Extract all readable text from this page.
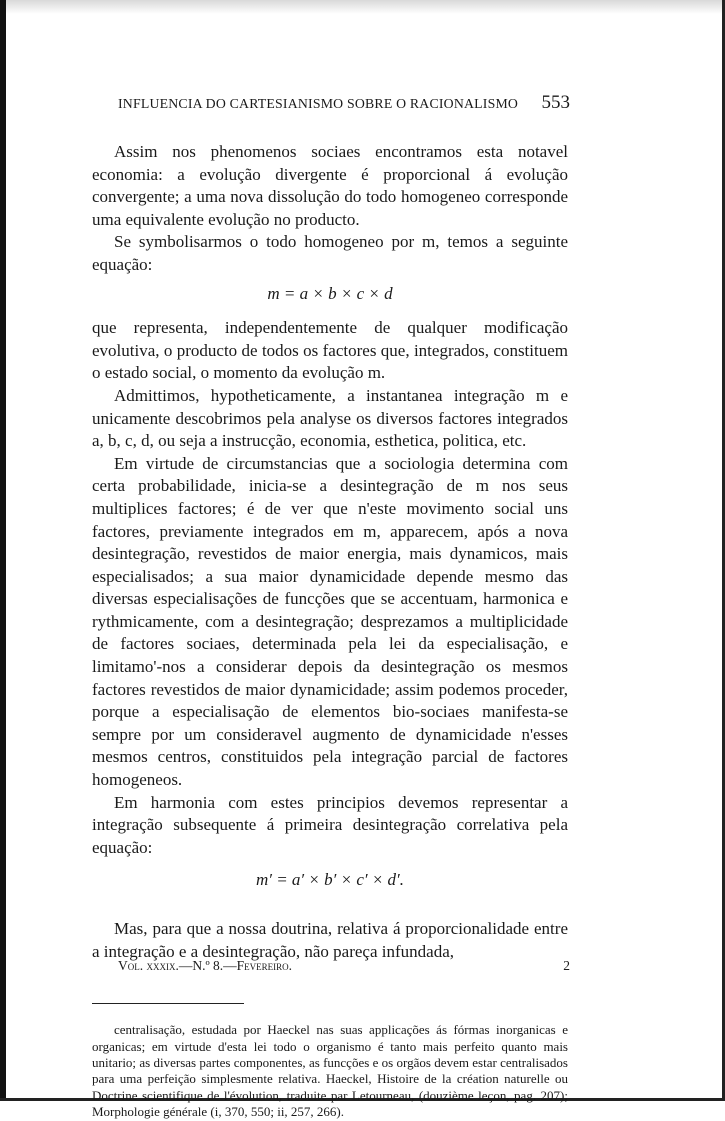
INFLUENCIA DO CARTESIANISMO SOBRE O RACIONALISMO 553

Assim nos phenomenos sociaes encontramos esta notavel economia: a evolução divergente é proporcional á evolução convergente; a uma nova dissolução do todo homogeneo corresponde uma equivalente evolução no producto.

Se symbolisarmos o todo homogeneo por m, temos a seguinte equação:

m = a × b × c × d

que representa, independentemente de qualquer modificação evolutiva, o producto de todos os factores que, integrados, constituem o estado social, o momento da evolução m.

Admittimos, hypotheticamente, a instantanea integração m e unicamente descobrimos pela analyse os diversos factores integrados a, b, c, d, ou seja a instrucção, economia, esthetica, politica, etc.

Em virtude de circumstancias que a sociologia determina com certa probabilidade, inicia-se a desintegração de m nos seus multiplices factores; é de ver que n'este movimento social uns factores, previamente integrados em m, apparecem, após a nova desintegração, revestidos de maior energia, mais dynamicos, mais especialisados; a sua maior dynamicidade depende mesmo das diversas especialisações de funcções que se accentuam, harmonica e rythmicamente, com a desintegração; desprezamos a multiplicidade de factores sociaes, determinada pela lei da especialisação, e limitamo'-nos a considerar depois da desintegração os mesmos factores revestidos de maior dynamicidade; assim podemos proceder, porque a especialisação de elementos bio-sociaes manifesta-se sempre por um consideravel augmento de dynamicidade n'esses mesmos centros, constituidos pela integração parcial de factores homogeneos.

Em harmonia com estes principios devemos representar a integração subsequente á primeira desintegração correlativa pela equação:

m′ = a′ × b′ × c′ × d′.

Mas, para que a nossa doutrina, relativa á proporcionalidade entre a integração e a desintegração, não pareça infundada,

centralisação, estudada por Haeckel nas suas applicações ás fórmas inorganicas e organicas; em virtude d'esta lei todo o organismo é tanto mais perfeito quanto mais unitario; as diversas partes componentes, as funcções e os orgãos devem estar centralisados para uma perfeição simplesmente relativa. Haeckel, Histoire de la création naturelle ou Doctrine scientifique de l'évolution, traduite par Letourneau, (douzième leçon, pag. 207); Morphologie générale (i, 370, 550; ii, 257, 266).

Vol. xxxix.—N.º 8.—Fevereiro.	2
